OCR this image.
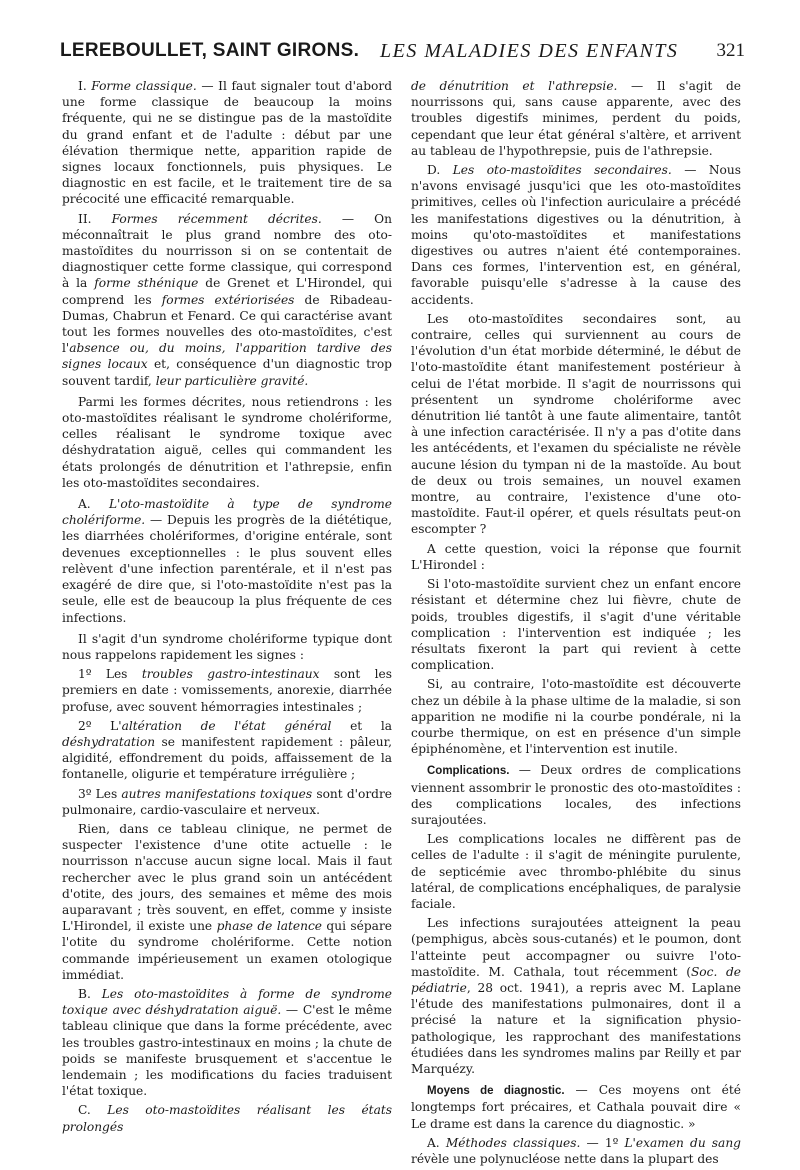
LEREBOULLET, SAINT GIRONS. LES MALADIES DES ENFANTS 321

I. Forme classique. — Il faut signaler tout d'abord une forme classique de beaucoup la moins fréquente, qui ne se distingue pas de la mastoïdite du grand enfant et de l'adulte : début par une élévation thermique nette, apparition rapide de signes locaux fonctionnels, puis physiques. Le diagnostic en est facile, et le traitement tire de sa précocité une efficacité remarquable.

II. Formes récemment décrites. — On méconnaîtrait le plus grand nombre des oto-mastoïdites du nourrisson si on se contentait de diagnostiquer cette forme classique, qui correspond à la forme sthénique de Grenet et L'Hirondel, qui comprend les formes extériorisées de Ribadeau-Dumas, Chabrun et Fenard. Ce qui caractérise avant tout les formes nouvelles des oto-mastoïdites, c'est l'absence ou, du moins, l'apparition tardive des signes locaux et, conséquence d'un diagnostic trop souvent tardif, leur particulière gravité.

Parmi les formes décrites, nous retiendrons : les oto-mastoïdites réalisant le syndrome cholériforme, celles réalisant le syndrome toxique avec déshydratation aiguë, celles qui commandent les états prolongés de dénutrition et l'athrepsie, enfin les oto-mastoïdites secondaires.

A. L'oto-mastoïdite à type de syndrome cholériforme. — Depuis les progrès de la diététique, les diarrhées cholériformes, d'origine entérale, sont devenues exceptionnelles : le plus souvent elles relèvent d'une infection parentérale, et il n'est pas exagéré de dire que, si l'oto-mastoïdite n'est pas la seule, elle est de beaucoup la plus fréquente de ces infections.

Il s'agit d'un syndrome cholériforme typique dont nous rappelons rapidement les signes :

1º Les troubles gastro-intestinaux sont les premiers en date : vomissements, anorexie, diarrhée profuse, avec souvent hémorragies intestinales ;

2º L'altération de l'état général et la déshydratation se manifestent rapidement : pâleur, algidité, effondrement du poids, affaissement de la fontanelle, oligurie et température irrégulière ;

3º Les autres manifestations toxiques sont d'ordre pulmonaire, cardio-vasculaire et nerveux.

Rien, dans ce tableau clinique, ne permet de suspecter l'existence d'une otite actuelle : le nourrisson n'accuse aucun signe local. Mais il faut rechercher avec le plus grand soin un antécédent d'otite, des jours, des semaines et même des mois auparavant ; très souvent, en effet, comme y insiste L'Hirondel, il existe une phase de latence qui sépare l'otite du syndrome cholériforme. Cette notion commande impérieusement un examen otologique immédiat.

B. Les oto-mastoïdites à forme de syndrome toxique avec déshydratation aiguë. — C'est le même tableau clinique que dans la forme précédente, avec les troubles gastro-intestinaux en moins ; la chute de poids se manifeste brusquement et s'accentue le lendemain ; les modifications du facies traduisent l'état toxique.

C. Les oto-mastoïdites réalisant les états prolongés

de dénutrition et l'athrepsie. — Il s'agit de nourrissons qui, sans cause apparente, avec des troubles digestifs minimes, perdent du poids, cependant que leur état général s'altère, et arrivent au tableau de l'hypothrepsie, puis de l'athrepsie.

D. Les oto-mastoïdites secondaires. — Nous n'avons envisagé jusqu'ici que les oto-mastoïdites primitives, celles où l'infection auriculaire a précédé les manifestations digestives ou la dénutrition, à moins qu'oto-mastoïdites et manifestations digestives ou autres n'aient été contemporaines. Dans ces formes, l'intervention est, en général, favorable puisqu'elle s'adresse à la cause des accidents.

Les oto-mastoïdites secondaires sont, au contraire, celles qui surviennent au cours de l'évolution d'un état morbide déterminé, le début de l'oto-mastoïdite étant manifestement postérieur à celui de l'état morbide. Il s'agit de nourrissons qui présentent un syndrome cholériforme avec dénutrition lié tantôt à une faute alimentaire, tantôt à une infection caractérisée. Il n'y a pas d'otite dans les antécédents, et l'examen du spécialiste ne révèle aucune lésion du tympan ni de la mastoïde. Au bout de deux ou trois semaines, un nouvel examen montre, au contraire, l'existence d'une oto-mastoïdite. Faut-il opérer, et quels résultats peut-on escompter ?

A cette question, voici la réponse que fournit L'Hirondel :

Si l'oto-mastoïdite survient chez un enfant encore résistant et détermine chez lui fièvre, chute de poids, troubles digestifs, il s'agit d'une véritable complication : l'intervention est indiquée ; les résultats fixeront la part qui revient à cette complication.

Si, au contraire, l'oto-mastoïdite est découverte chez un débile à la phase ultime de la maladie, si son apparition ne modifie ni la courbe pondérale, ni la courbe thermique, on est en présence d'un simple épiphénomène, et l'intervention est inutile.

Complications. — Deux ordres de complications viennent assombrir le pronostic des oto-mastoïdites : des complications locales, des infections surajoutées.

Les complications locales ne diffèrent pas de celles de l'adulte : il s'agit de méningite purulente, de septicémie avec thrombo-phlébite du sinus latéral, de complications encéphaliques, de paralysie faciale.

Les infections surajoutées atteignent la peau (pemphigus, abcès sous-cutanés) et le poumon, dont l'atteinte peut accompagner ou suivre l'oto-mastoïdite. M. Cathala, tout récemment (Soc. de pédiatrie, 28 oct. 1941), a repris avec M. Laplane l'étude des manifestations pulmonaires, dont il a précisé la nature et la signification physio-pathologique, les rapprochant des manifestations étudiées dans les syndromes malins par Reilly et par Marquézy.

Moyens de diagnostic. — Ces moyens ont été longtemps fort précaires, et Cathala pouvait dire « Le drame est dans la carence du diagnostic. »

A. Méthodes classiques. — 1º L'examen du sang révèle une polynucléose nette dans la plupart des
